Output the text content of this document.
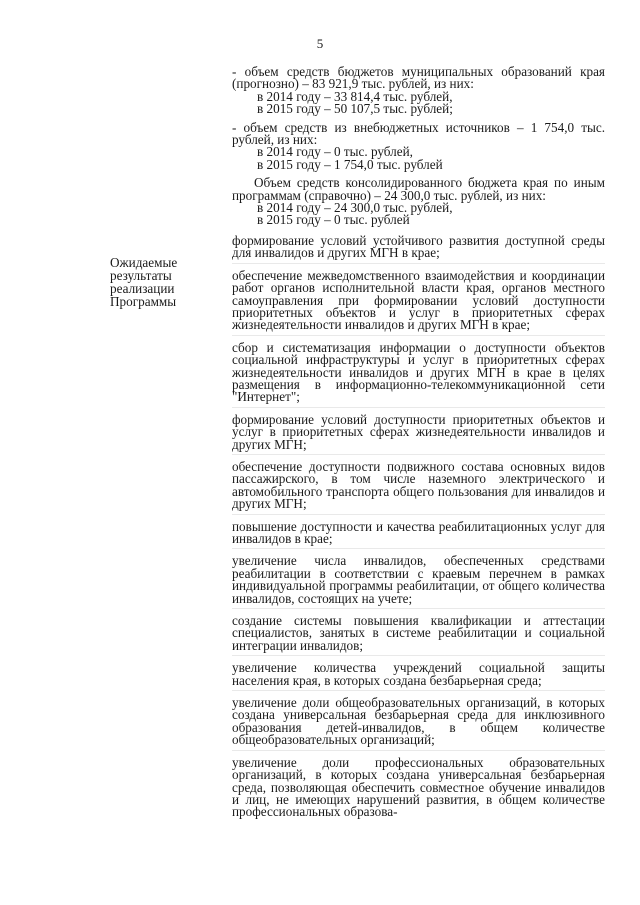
5
Ожидаемые результаты реализации Программы

- объем средств бюджетов муниципальных образований края (прогнозно) – 83 921,9 тыс. рублей, из них:

в 2014 году – 33 814,4 тыс. рублей,

в 2015 году – 50 107,5 тыс. рублей;

- объем средств из внебюджетных источников – 1 754,0 тыс. рублей, из них:

в 2014 году – 0 тыс. рублей,

в 2015 году – 1 754,0 тыс. рублей

Объем средств консолидированного бюджета края по иным программам (справочно) – 24 300,0 тыс. рублей, из них:

в 2014 году – 24 300,0 тыс. рублей,

в 2015 году – 0 тыс. рублей

формирование условий устойчивого развития доступной среды для инвалидов и других МГН в крае;

обеспечение межведомственного взаимодействия и координации работ органов исполнительной власти края, органов местного самоуправления при формировании условий доступности приоритетных объектов и услуг в приоритетных сферах жизнедеятельности инвалидов и других МГН в крае;

сбор и систематизация информации о доступности объектов социальной инфраструктуры и услуг в приоритетных сферах жизнедеятельности инвалидов и других МГН в крае в целях размещения в информационно-телекоммуникационной сети "Интернет";

формирование условий доступности приоритетных объектов и услуг в приоритетных сферах жизнедеятельности инвалидов и других МГН;

обеспечение доступности подвижного состава основных видов пассажирского, в том числе наземного электрического и автомобильного транспорта общего пользования для инвалидов и других МГН;

повышение доступности и качества реабилитационных услуг для инвалидов в крае;

увеличение числа инвалидов, обеспеченных средствами реабилитации в соответствии с краевым перечнем в рамках индивидуальной программы реабилитации, от общего количества инвалидов, состоящих на учете;

создание системы повышения квалификации и аттестации специалистов, занятых в системе реабилитации и социальной интеграции инвалидов;

увеличение количества учреждений социальной защиты населения края, в которых создана безбарьерная среда;

увеличение доли общеобразовательных организаций, в которых создана универсальная безбарьерная среда для инклюзивного образования детей-инвалидов, в общем количестве общеобразовательных организаций;

увеличение доли профессиональных образовательных организаций, в которых создана универсальная безбарьерная среда, позволяющая обеспечить совместное обучение инвалидов и лиц, не имеющих нарушений развития, в общем количестве профессиональных образова-
